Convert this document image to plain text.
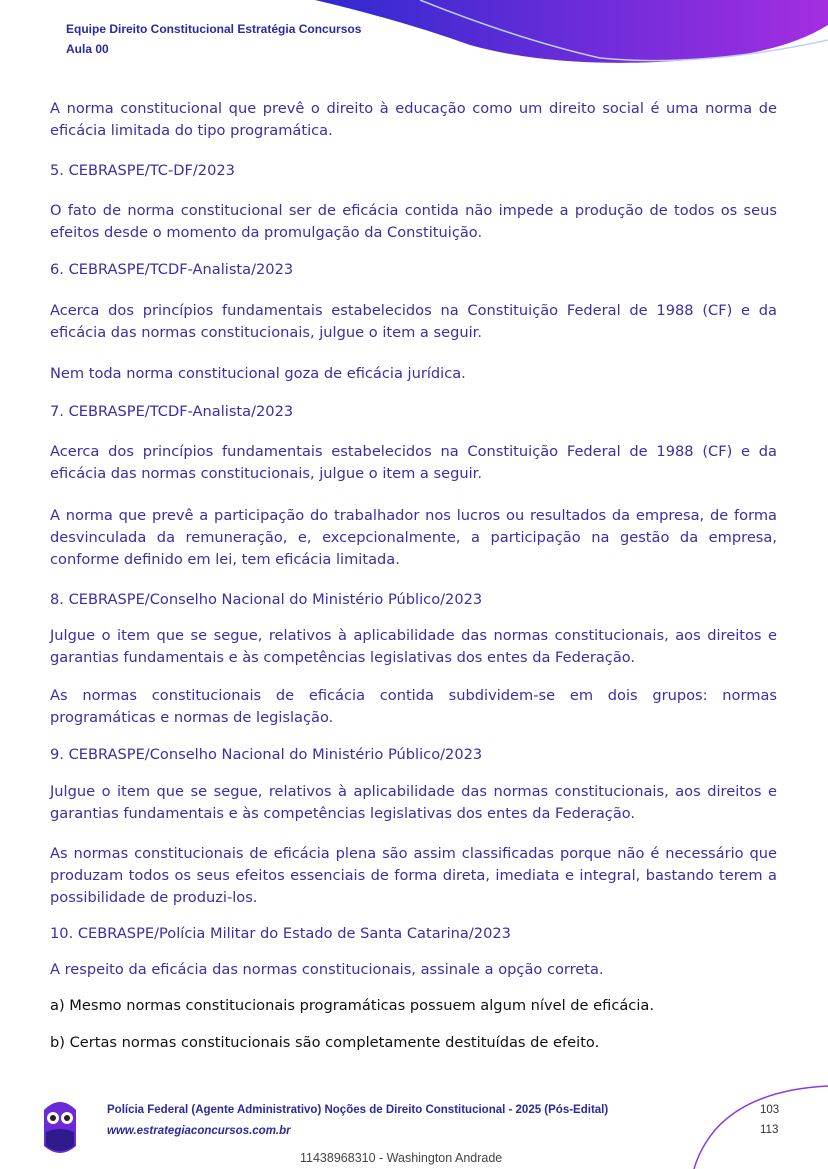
Equipe Direito Constitucional Estratégia Concursos
Aula 00
A norma constitucional que prevê o direito à educação como um direito social é uma norma de eficácia limitada do tipo programática.
5. CEBRASPE/TC-DF/2023
O fato de norma constitucional ser de eficácia contida não impede a produção de todos os seus efeitos desde o momento da promulgação da Constituição.
6. CEBRASPE/TCDF-Analista/2023
Acerca dos princípios fundamentais estabelecidos na Constituição Federal de 1988 (CF) e da eficácia das normas constitucionais, julgue o item a seguir.
Nem toda norma constitucional goza de eficácia jurídica.
7. CEBRASPE/TCDF-Analista/2023
Acerca dos princípios fundamentais estabelecidos na Constituição Federal de 1988 (CF) e da eficácia das normas constitucionais, julgue o item a seguir.
A norma que prevê a participação do trabalhador nos lucros ou resultados da empresa, de forma desvinculada da remuneração, e, excepcionalmente, a participação na gestão da empresa, conforme definido em lei, tem eficácia limitada.
8. CEBRASPE/Conselho Nacional do Ministério Público/2023
Julgue o item que se segue, relativos à aplicabilidade das normas constitucionais, aos direitos e garantias fundamentais e às competências legislativas dos entes da Federação.
As normas constitucionais de eficácia contida subdividem-se em dois grupos: normas programáticas e normas de legislação.
9. CEBRASPE/Conselho Nacional do Ministério Público/2023
Julgue o item que se segue, relativos à aplicabilidade das normas constitucionais, aos direitos e garantias fundamentais e às competências legislativas dos entes da Federação.
As normas constitucionais de eficácia plena são assim classificadas porque não é necessário que produzam todos os seus efeitos essenciais de forma direta, imediata e integral, bastando terem a possibilidade de produzi-los.
10. CEBRASPE/Polícia Militar do Estado de Santa Catarina/2023
A respeito da eficácia das normas constitucionais, assinale a opção correta.
a) Mesmo normas constitucionais programáticas possuem algum nível de eficácia.
b) Certas normas constitucionais são completamente destituídas de efeito.
Polícia Federal (Agente Administrativo) Noções de Direito Constitucional - 2025 (Pós-Edital)
www.estrategiaconcursos.com.br
103
113
11438968310 - Washington Andrade
